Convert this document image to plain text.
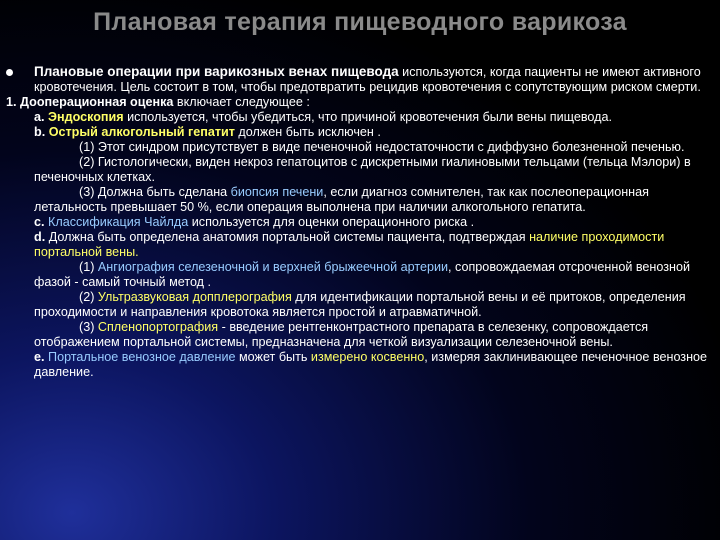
Плановая терапия пищеводного варикоза
Плановые операции при варикозных венах пищевода используются, когда пациенты не имеют активного кровотечения. Цель состоит в том, чтобы предотвратить рецидив кровотечения с сопутствующим риском смерти.
1. Дооперационная оценка включает следующее :
a. Эндоскопия используется, чтобы убедиться, что причиной кровотечения были вены пищевода.
b. Острый алкогольный гепатит должен быть исключен .
(1) Этот синдром присутствует в виде печеночной недостаточности с диффузно болезненной печенью.
(2) Гистологически, виден некроз гепатоцитов с дискретными гиалиновыми тельцами (тельца Мэлори) в печеночных клетках.
(3) Должна быть сделана биопсия печени, если диагноз сомнителен, так как послеоперационная летальность превышает 50 %, если операция выполнена при наличии алкогольного гепатита.
c. Классификация Чайлда используется для оценки операционного риска .
d. Должна быть определена анатомия портальной системы пациента, подтверждая наличие проходимости портальной вены.
(1) Ангиография селезеночной и верхней брыжеечной артерии, сопровождаемая отсроченной венозной фазой - самый точный метод .
(2) Ультразвуковая допплерография для идентификации портальной вены и её притоков, определения проходимости и направления кровотока является простой и атравматичной.
(3) Спленопортография - введение рентгенконтрастного препарата в селезенку, сопровождается отображением портальной системы, предназначена для четкой визуализации селезеночной вены.
e. Портальное венозное давление может быть измерено косвенно, измеряя заклинивающее печеночное венозное давление.
